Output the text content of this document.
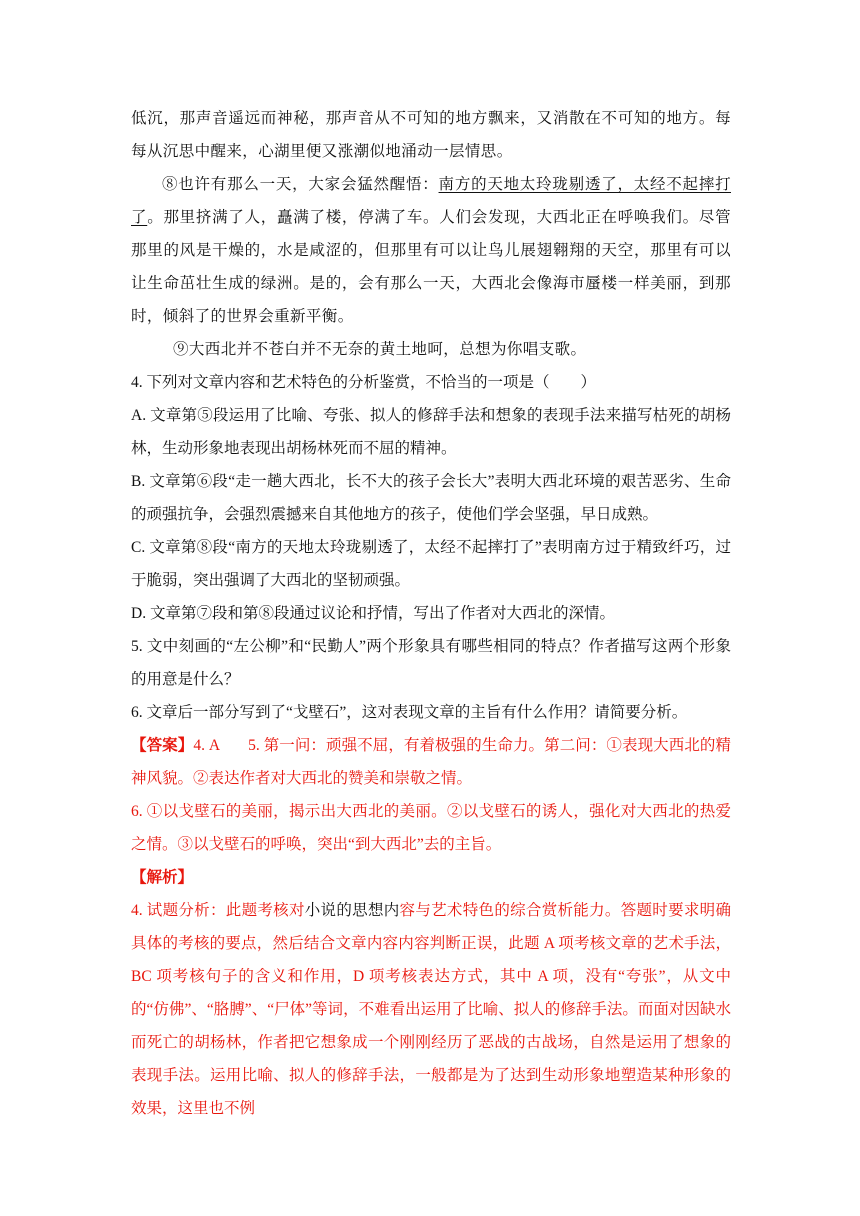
低沉，那声音遥远而神秘，那声音从不可知的地方飘来，又消散在不可知的地方。每每从沉思中醒来，心湖里便又涨潮似地涌动一层情思。

⑧也许有那么一天，大家会猛然醒悟：南方的天地太玲珑剔透了，太经不起摔打了。那里挤满了人，矗满了楼，停满了车。人们会发现，大西北正在呼唤我们。尽管那里的风是干燥的，水是咸涩的，但那里有可以让鸟儿展翅翱翔的天空，那里有可以让生命茁壮生成的绿洲。是的，会有那么一天，大西北会像海市蜃楼一样美丽，到那时，倾斜了的世界会重新平衡。

⑨大西北并不苍白并不无奈的黄土地呵，总想为你唱支歌。

4. 下列对文章内容和艺术特色的分析鉴赏，不恰当的一项是（　　）

A. 文章第⑤段运用了比喻、夸张、拟人的修辞手法和想象的表现手法来描写枯死的胡杨林，生动形象地表现出胡杨林死而不屈的精神。

B. 文章第⑥段“走一趟大西北，长不大的孩子会长大”表明大西北环境的艰苦恶劣、生命的顽强抗争，会强烈震撼来自其他地方的孩子，使他们学会坚强，早日成熟。

C. 文章第⑧段“南方的天地太玲珑剔透了，太经不起摔打了”表明南方过于精致纤巧，过于脆弱，突出强调了大西北的坚韧顽强。

D. 文章第⑦段和第⑧段通过议论和抒情，写出了作者对大西北的深情。

5. 文中刻画的“左公柳”和“民勤人”两个形象具有哪些相同的特点？作者描写这两个形象的用意是什么？

6. 文章后一部分写到了“戈壁石”，这对表现文章的主旨有什么作用？请简要分析。

【答案】4. A 5. 第一问：顽强不屈，有着极强的生命力。第二问：①表现大西北的精神风貌。②表达作者对大西北的赞美和崇敬之情。

6. ①以戈壁石的美丽，揭示出大西北的美丽。②以戈壁石的诱人，强化对大西北的热爱之情。③以戈壁石的呼唤，突出“到大西北”去的主旨。

【解析】

4. 试题分析：此题考核对小说的思想内容与艺术特色的综合赏析能力。答题时要求明确具体的考核的要点，然后结合文章内容内容判断正误，此题 A 项考核文章的艺术手法，BC 项考核句子的含义和作用，D 项考核表达方式，其中 A 项，没有“夸张”，从文中的“仿佛”、“胳膊”、“尸体”等词，不难看出运用了比喻、拟人的修辞手法。而面对因缺水而死亡的胡杨林，作者把它想象成一个刚刚经历了恶战的古战场，自然是运用了想象的表现手法。运用比喻、拟人的修辞手法，一般都是为了达到生动形象地塑造某种形象的效果，这里也不例
